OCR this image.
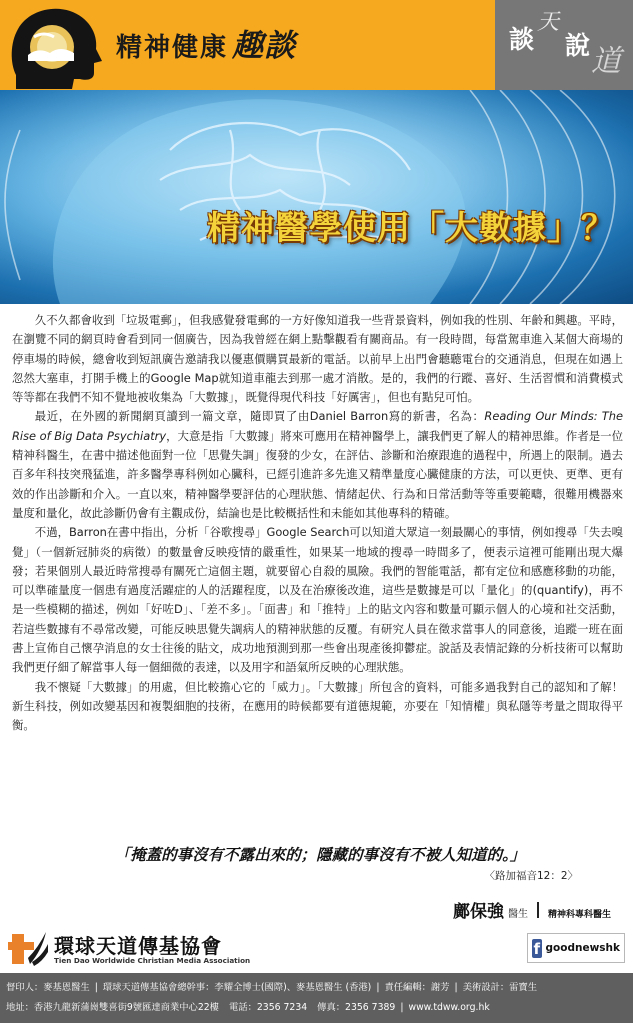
精神健康 趣談	談
天
說 道
精神醫學使用「大數據」？

久不久都會收到「垃圾電郵」，但我感覺發電郵的一方好像知道我一些背景資料，例如我的性別、年齡和興趣。平時，在瀏覽不同的網頁時會看到同一個廣告，因為我曾經在網上點擊觀看有關商品。有一段時間，每當駕車進入某個大商場的停車場的時候，總會收到短訊廣告邀請我以優惠價購買最新的電話。以前早上出門會聽聽電台的交通消息，但現在如遇上忽然大塞車，打開手機上的Google Map就知道車龍去到那一處才消散。是的，我們的行蹤、喜好、生活習慣和消費模式等等都在我們不知不覺地被收集為「大數據」，既覺得現代科技「好厲害」，但也有點兒可怕。

最近，在外國的新聞網頁讀到一篇文章，隨即買了由Daniel Barron寫的新書，名為：Reading Our Minds: The Rise of Big Data Psychiatry，大意是指「大數據」將來可應用在精神醫學上，讓我們更了解人的精神思維。作者是一位精神科醫生，在書中描述他面對一位「思覺失調」復發的少女，在評估、診斷和治療跟進的過程中，所遇上的限制。過去百多年科技突飛猛進，許多醫學專科例如心臟科，已經引進許多先進又精準量度心臟健康的方法，可以更快、更準、更有效的作出診斷和介入。一直以來，精神醫學要評估的心理狀態、情緒起伏、行為和日常活動等等重要範疇，很難用機器來量度和量化，故此診斷仍會有主觀成份，結論也是比較概括性和未能如其他專科的精確。

不過，Barron在書中指出，分析「谷歌搜尋」Google Search可以知道大眾這一刻最關心的事情，例如搜尋「失去嗅覺」（一個新冠肺炎的病徵）的數量會反映疫情的嚴重性，如果某一地域的搜尋一時間多了，便表示這裡可能剛出現大爆發；若果個別人最近時常搜尋有關死亡這個主題，就要留心自殺的風險。我們的智能電話，都有定位和感應移動的功能，可以準確量度一個患有過度活躍症的人的活躍程度，以及在治療後改進，這些是數據是可以「量化」的(quantify)，再不是一些模糊的描述，例如「好咗D」、「差不多」。「面書」和「推特」上的貼文內容和數量可顯示個人的心境和社交活動，若這些數據有不尋常改變，可能反映思覺失調病人的精神狀態的反覆。有研究人員在徵求當事人的同意後，追蹤一班在面書上宣佈自己懷孕消息的女士往後的貼文，成功地預測到那一些會出現產後抑鬱症。說話及表情記錄的分析技術可以幫助我們更仔細了解當事人每一個細微的表達，以及用字和語氣所反映的心理狀態。

我不懷疑「大數據」的用處，但比較擔心它的「威力」。「大數據」所包含的資料，可能多過我對自己的認知和了解！新生科技，例如改變基因和複製細胞的技術，在應用的時候都要有道德規範，亦要在「知情權」與私隱等考量之間取得平衡。

「掩蓋的事沒有不露出來的；隱藏的事沒有不被人知道的。」
〈路加福音12：2〉
鄺保強 醫生 精神科專科醫生
環球天道傳基協會
Tien Dao Worldwide Christian Media Association
f goodnewshk
督印人：麥基恩醫生 | 環球天道傳基協會總幹事：李耀全博士(國際)、麥基恩醫生 (香港) | 責任編輯：謝芳 | 美術設計：雷寶生
地址：香港九龍新蒲崗雙喜街9號匯達商業中心22樓 電話：2356 7234 傳真：2356 7389 | www.tdww.org.hk
